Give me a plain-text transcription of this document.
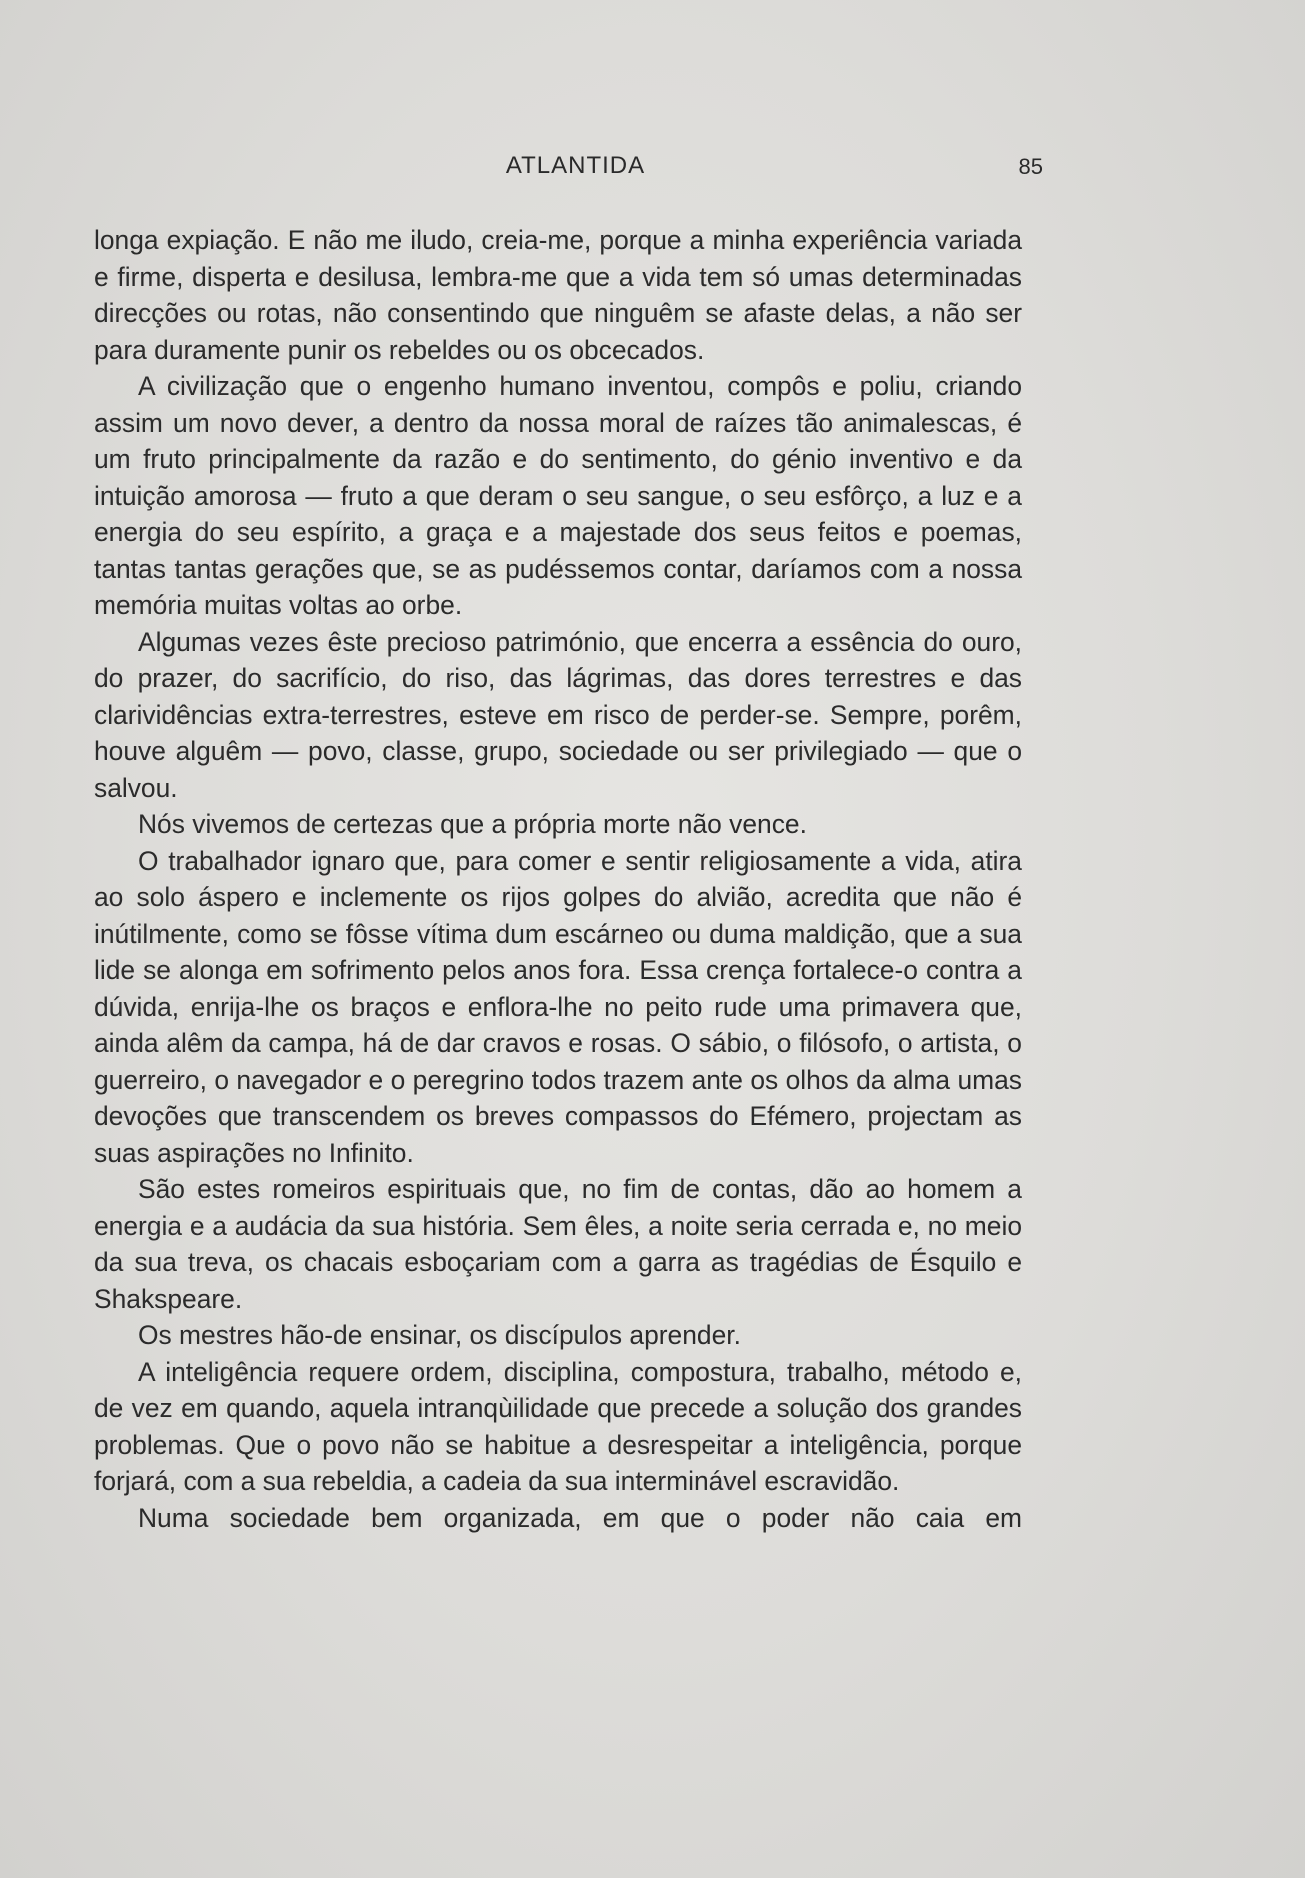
ATLANTIDA	85

longa expiação. E não me iludo, creia-me, porque a minha experiência variada e firme, disperta e desilusa, lembra-me que a vida tem só umas determinadas direcções ou rotas, não consentindo que ninguêm se afaste delas, a não ser para duramente punir os rebeldes ou os obcecados.

A civilização que o engenho humano inventou, compôs e poliu, criando assim um novo dever, a dentro da nossa moral de raízes tão animalescas, é um fruto principalmente da razão e do sentimento, do génio inventivo e da intuição amorosa — fruto a que deram o seu sangue, o seu esfôrço, a luz e a energia do seu espírito, a graça e a majestade dos seus feitos e poemas, tantas tantas gerações que, se as pudéssemos contar, daríamos com a nossa memória muitas voltas ao orbe.

Algumas vezes êste precioso património, que encerra a essência do ouro, do prazer, do sacrifício, do riso, das lágrimas, das dores terrestres e das clarividências extra-terrestres, esteve em risco de perder-se. Sempre, porêm, houve alguêm — povo, classe, grupo, sociedade ou ser privilegiado — que o salvou.

Nós vivemos de certezas que a própria morte não vence.

O trabalhador ignaro que, para comer e sentir religiosamente a vida, atira ao solo áspero e inclemente os rijos golpes do alvião, acredita que não é inútilmente, como se fôsse vítima dum escárneo ou duma maldição, que a sua lide se alonga em sofrimento pelos anos fora. Essa crença fortalece-o contra a dúvida, enrija-lhe os braços e enflora-lhe no peito rude uma primavera que, ainda alêm da campa, há de dar cravos e rosas. O sábio, o filósofo, o artista, o guerreiro, o navegador e o peregrino todos trazem ante os olhos da alma umas devoções que transcendem os breves compassos do Efémero, projectam as suas aspirações no Infinito.

São estes romeiros espirituais que, no fim de contas, dão ao homem a energia e a audácia da sua história. Sem êles, a noite seria cerrada e, no meio da sua treva, os chacais esboçariam com a garra as tragédias de Ésquilo e Shakspeare.

Os mestres hão-de ensinar, os discípulos aprender.

A inteligência requere ordem, disciplina, compostura, trabalho, método e, de vez em quando, aquela intranqùilidade que precede a solução dos grandes problemas. Que o povo não se habitue a desrespeitar a inteligência, porque forjará, com a sua rebeldia, a cadeia da sua interminável escravidão.

Numa sociedade bem organizada, em que o poder não caia em
